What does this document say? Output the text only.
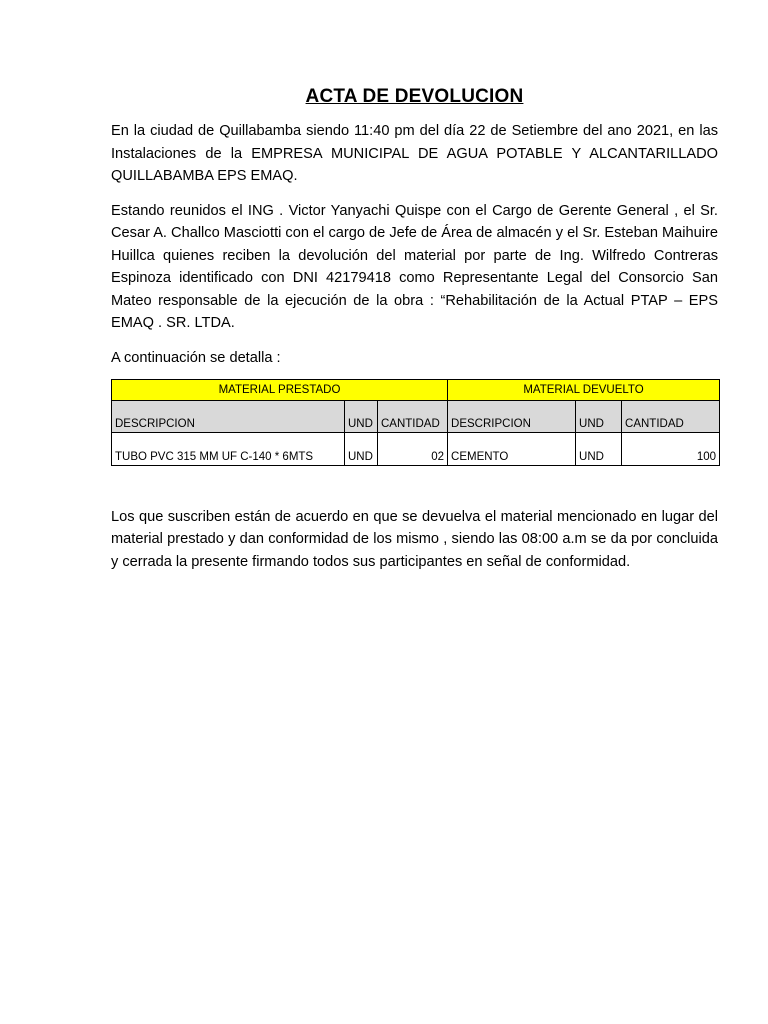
ACTA DE DEVOLUCION

En la ciudad de Quillabamba siendo 11:40 pm del día 22 de Setiembre del ano 2021, en las Instalaciones de la EMPRESA MUNICIPAL DE AGUA POTABLE Y ALCANTARILLADO QUILLABAMBA EPS EMAQ.

Estando reunidos el ING . Victor Yanyachi Quispe con el Cargo de Gerente General , el Sr. Cesar A. Challco Masciotti con el cargo de Jefe de Área de almacén y el Sr. Esteban Maihuire Huillca quienes reciben la devolución del material por parte de Ing. Wilfredo Contreras Espinoza identificado con DNI 42179418 como Representante Legal del Consorcio San Mateo responsable de la ejecución de la obra : “Rehabilitación de la Actual PTAP – EPS EMAQ . SR. LTDA.

A continuación se detalla :

MATERIAL PRESTADO			MATERIAL DEVUELTO		
DESCRIPCION	UND	CANTIDAD	DESCRIPCION	UND	CANTIDAD
TUBO PVC 315 MM UF C-140 * 6MTS	UND	02	CEMENTO	UND	100

Los que suscriben están de acuerdo en que se devuelva el material mencionado en lugar del material prestado y dan conformidad de los mismo , siendo las 08:00 a.m se da por concluida y cerrada la presente firmando todos sus participantes en señal de conformidad.
